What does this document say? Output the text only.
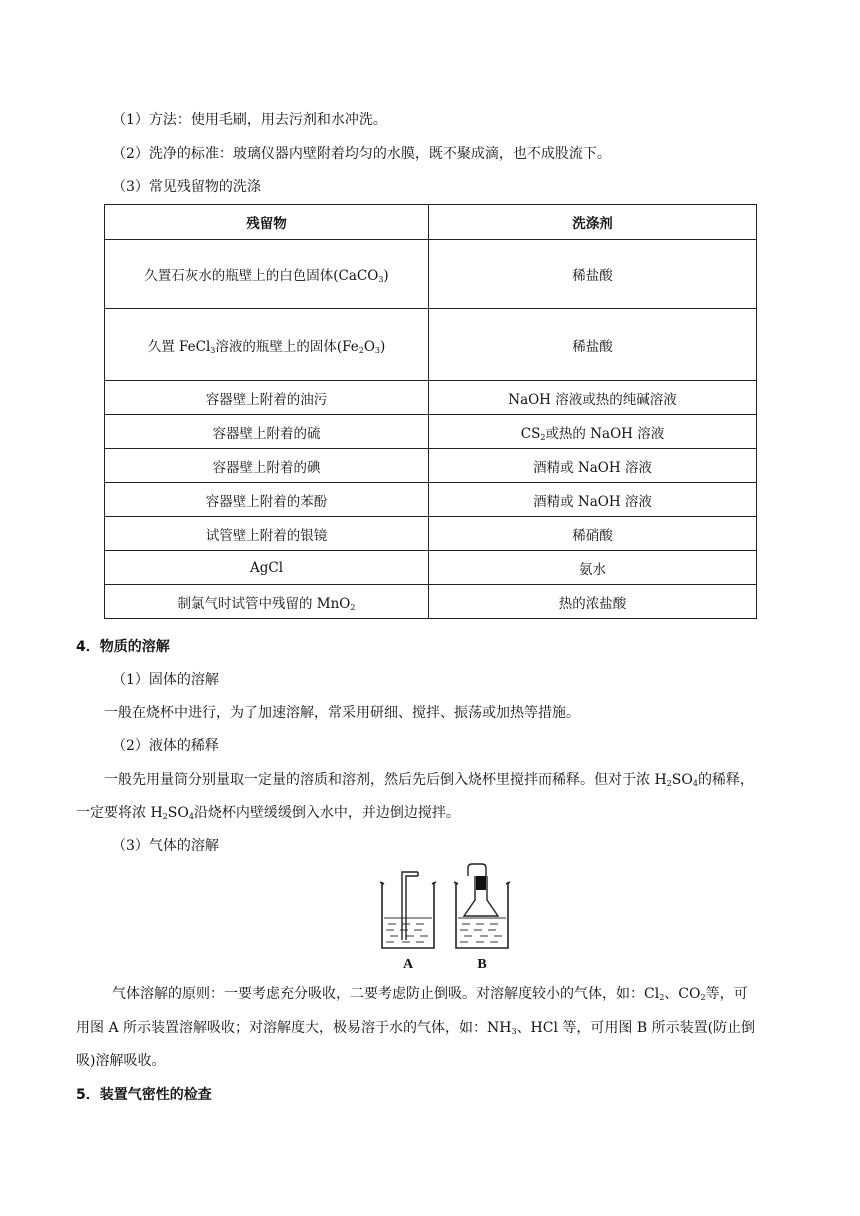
（1）方法：使用毛刷，用去污剂和水冲洗。
（2）洗净的标准：玻璃仪器内壁附着均匀的水膜，既不聚成滴，也不成股流下。
（3）常见残留物的洗涤
残留物	洗涤剂
久置石灰水的瓶壁上的白色固体(CaCO$_3$)	稀盐酸
久置 FeCl$_3$溶液的瓶壁上的固体$(Fe_2O_3)$	稀盐酸
容器壁上附着的油污	NaOH 溶液或热的纯碱溶液
容器壁上附着的硫	$CS_2$或热的 NaOH 溶液
容器壁上附着的碘	酒精或 NaOH 溶液
容器壁上附着的苯酚	酒精或 NaOH 溶液
试管壁上附着的银镜	稀硝酸
AgCl	氨水
制氯气时试管中残留的 MnO$_2$	热的浓盐酸
4．物质的溶解
（1）固体的溶解
一般在烧杯中进行，为了加速溶解，常采用研细、搅拌、振荡或加热等措施。
（2）液体的稀释
一般先用量筒分别量取一定量的溶质和溶剂，然后先后倒入烧杯里搅拌而稀释。但对于浓 $H_2SO_4$的稀释，
一定要将浓 $H_2SO_4$沿烧杯内壁缓缓倒入水中，并边倒边搅拌。
（3）气体的溶解
A	B
气体溶解的原则：一要考虑充分吸收，二要考虑防止倒吸。对溶解度较小的气体，如：$Cl_2$、$CO_2$等，可
用图 A 所示装置溶解吸收；对溶解度大，极易溶于水的气体，如：$NH_3$、HCl 等，可用图 B 所示装置(防止倒
吸)溶解吸收。
5．装置气密性的检查
